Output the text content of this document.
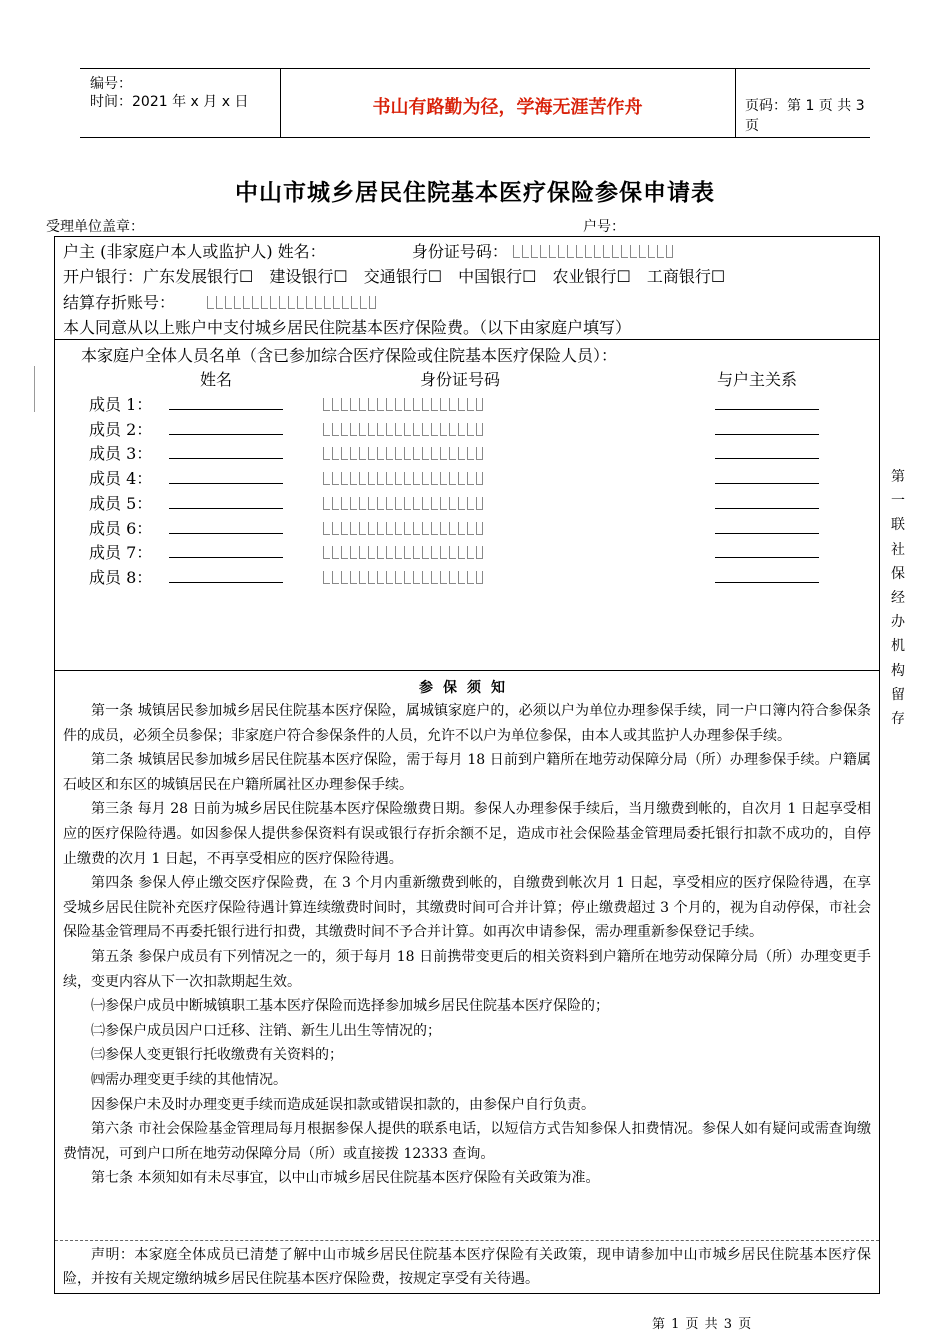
编号：
时间：2021 年 x 月 x 日	书山有路勤为径，学海无涯苦作舟	页码：第 1 页 共 3 页
中山市城乡居民住院基本医疗保险参保申请表
受理单位盖章：	户号：
户主 (非家庭户本人或监护人) 姓名：	身份证号码：
开户银行：广东发展银行☐ 建设银行☐ 交通银行☐ 中国银行☐ 农业银行☐ 工商银行☐
结算存折账号：
本人同意从以上账户中支付城乡居民住院基本医疗保险费。（以下由家庭户填写）
本家庭户全体人员名单（含已参加综合医疗保险或住院基本医疗保险人员）：
姓名	身份证号码	与户主关系
成员 1：
成员 2：
成员 3：
成员 4：
成员 5：
成员 6：
成员 7：
成员 8：
参保须知

第一条 城镇居民参加城乡居民住院基本医疗保险，属城镇家庭户的，必须以户为单位办理参保手续，同一户口簿内符合参保条件的成员，必须全员参保；非家庭户符合参保条件的人员，允许不以户为单位参保，由本人或其监护人办理参保手续。

第二条 城镇居民参加城乡居民住院基本医疗保险，需于每月 18 日前到户籍所在地劳动保障分局（所）办理参保手续。户籍属石岐区和东区的城镇居民在户籍所属社区办理参保手续。

第三条 每月 28 日前为城乡居民住院基本医疗保险缴费日期。参保人办理参保手续后，当月缴费到帐的，自次月 1 日起享受相应的医疗保险待遇。如因参保人提供参保资料有误或银行存折余额不足，造成市社会保险基金管理局委托银行扣款不成功的，自停止缴费的次月 1 日起，不再享受相应的医疗保险待遇。

第四条 参保人停止缴交医疗保险费，在 3 个月内重新缴费到帐的，自缴费到帐次月 1 日起，享受相应的医疗保险待遇，在享受城乡居民住院补充医疗保险待遇计算连续缴费时间时，其缴费时间可合并计算；停止缴费超过 3 个月的，视为自动停保，市社会保险基金管理局不再委托银行进行扣费，其缴费时间不予合并计算。如再次申请参保，需办理重新参保登记手续。

第五条 参保户成员有下列情况之一的，须于每月 18 日前携带变更后的相关资料到户籍所在地劳动保障分局（所）办理变更手续，变更内容从下一次扣款期起生效。

㈠参保户成员中断城镇职工基本医疗保险而选择参加城乡居民住院基本医疗保险的；

㈡参保户成员因户口迁移、注销、新生儿出生等情况的；

㈢参保人变更银行托收缴费有关资料的；

㈣需办理变更手续的其他情况。

因参保户未及时办理变更手续而造成延误扣款或错误扣款的，由参保户自行负责。

第六条 市社会保险基金管理局每月根据参保人提供的联系电话，以短信方式告知参保人扣费情况。参保人如有疑问或需查询缴费情况，可到户口所在地劳动保障分局（所）或直接拨 12333 查询。

第七条 本须知如有未尽事宜，以中山市城乡居民住院基本医疗保险有关政策为准。

声明：本家庭全体成员已清楚了解中山市城乡居民住院基本医疗保险有关政策，现申请参加中山市城乡居民住院基本医疗保险，并按有关规定缴纳城乡居民住院基本医疗保险费，按规定享受有关待遇。

第
一
联
社
保
经
办
机
构
留
存
第 1 页 共 3 页
